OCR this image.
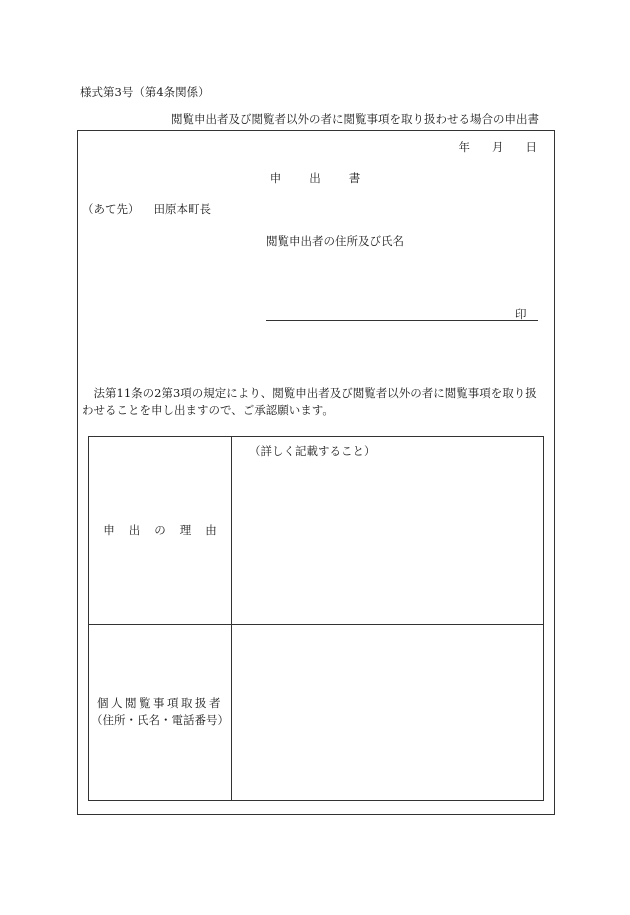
様式第3号（第4条関係）
閲覧申出者及び閲覧者以外の者に閲覧事項を取り扱わせる場合の申出書
年 月 日
申 出 書
（あて先） 田原本町長
閲覧申出者の住所及び氏名
印
　法第11条の2第3項の規定により、閲覧申出者及び閲覧者以外の者に閲覧事項を取り扱
わせることを申し出ますので、ご承認願います。
申 出 の 理 由
（詳しく記載すること）
個人閲覧事項取扱者
（住所・氏名・電話番号）
